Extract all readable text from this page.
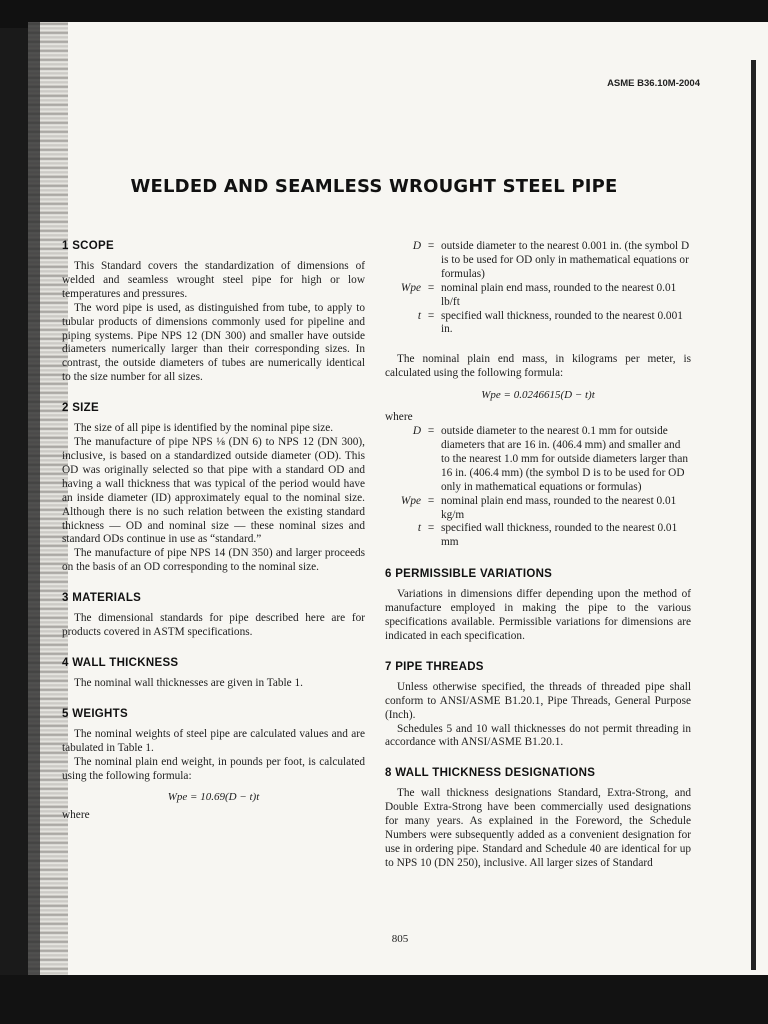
ASME B36.10M-2004
WELDED AND SEAMLESS WROUGHT STEEL PIPE
1 SCOPE

This Standard covers the standardization of dimensions of welded and seamless wrought steel pipe for high or low temperatures and pressures.

The word pipe is used, as distinguished from tube, to apply to tubular products of dimensions commonly used for pipeline and piping systems. Pipe NPS 12 (DN 300) and smaller have outside diameters numerically larger than their corresponding sizes. In contrast, the outside diameters of tubes are numerically identical to the size number for all sizes.

2 SIZE

The size of all pipe is identified by the nominal pipe size.

The manufacture of pipe NPS ⅛ (DN 6) to NPS 12 (DN 300), inclusive, is based on a standardized outside diameter (OD). This OD was originally selected so that pipe with a standard OD and having a wall thickness that was typical of the period would have an inside diameter (ID) approximately equal to the nominal size. Although there is no such relation between the existing standard thickness — OD and nominal size — these nominal sizes and standard ODs continue in use as “standard.”

The manufacture of pipe NPS 14 (DN 350) and larger proceeds on the basis of an OD corresponding to the nominal size.

3 MATERIALS

The dimensional standards for pipe described here are for products covered in ASTM specifications.

4 WALL THICKNESS

The nominal wall thicknesses are given in Table 1.

5 WEIGHTS

The nominal weights of steel pipe are calculated values and are tabulated in Table 1.

The nominal plain end weight, in pounds per foot, is calculated using the following formula:

Wpe = 10.69(D − t)t
where
D = outside diameter to the nearest 0.001 in. (the symbol D is to be used for OD only in mathematical equations or formulas)
Wpe = nominal plain end mass, rounded to the nearest 0.01 lb/ft
t = specified wall thickness, rounded to the nearest 0.001 in.

The nominal plain end mass, in kilograms per meter, is calculated using the following formula:

Wpe = 0.0246615(D − t)t
where
D = outside diameter to the nearest 0.1 mm for outside diameters that are 16 in. (406.4 mm) and smaller and to the nearest 1.0 mm for outside diameters larger than 16 in. (406.4 mm) (the symbol D is to be used for OD only in mathematical equations or formulas)
Wpe = nominal plain end mass, rounded to the nearest 0.01 kg/m
t = specified wall thickness, rounded to the nearest 0.01 mm
6 PERMISSIBLE VARIATIONS

Variations in dimensions differ depending upon the method of manufacture employed in making the pipe to the various specifications available. Permissible variations for dimensions are indicated in each specification.

7 PIPE THREADS

Unless otherwise specified, the threads of threaded pipe shall conform to ANSI/ASME B1.20.1, Pipe Threads, General Purpose (Inch).

Schedules 5 and 10 wall thicknesses do not permit threading in accordance with ANSI/ASME B1.20.1.

8 WALL THICKNESS DESIGNATIONS

The wall thickness designations Standard, Extra-Strong, and Double Extra-Strong have been commercially used designations for many years. As explained in the Foreword, the Schedule Numbers were subsequently added as a convenient designation for use in ordering pipe. Standard and Schedule 40 are identical for up to NPS 10 (DN 250), inclusive. All larger sizes of Standard

805
